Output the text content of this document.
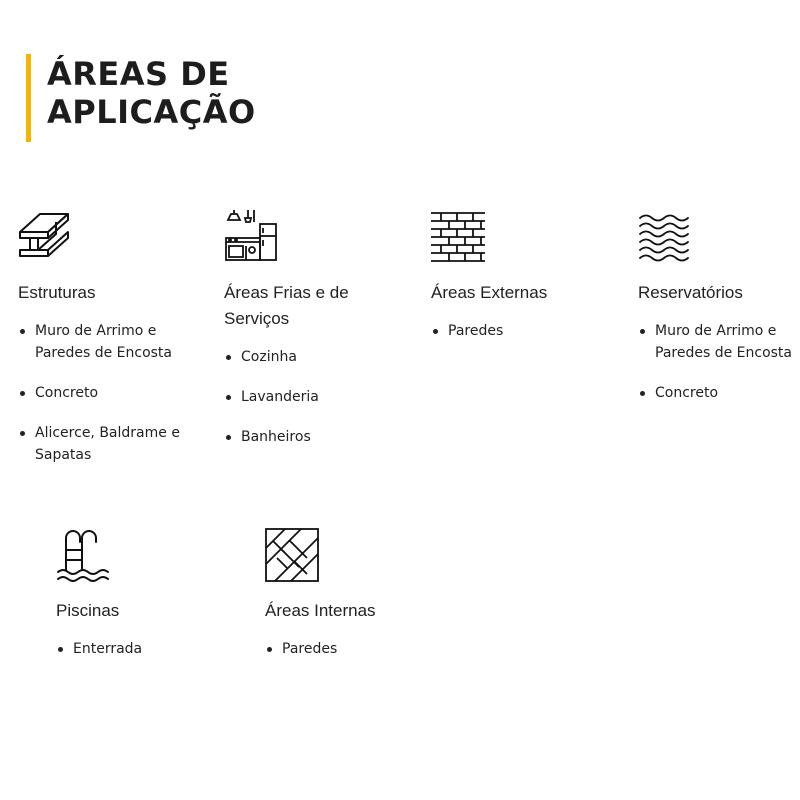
ÁREAS DE
APLICAÇÃO
Estruturas
Muro de Arrimo e Paredes de Encosta
Concreto
Alicerce, Baldrame e Sapatas
Áreas Frias e de Serviços
Cozinha
Lavanderia
Banheiros
Áreas Externas
Paredes
Reservatórios
Muro de Arrimo e Paredes de Encosta
Concreto
Piscinas
Enterrada
Áreas Internas
Paredes
